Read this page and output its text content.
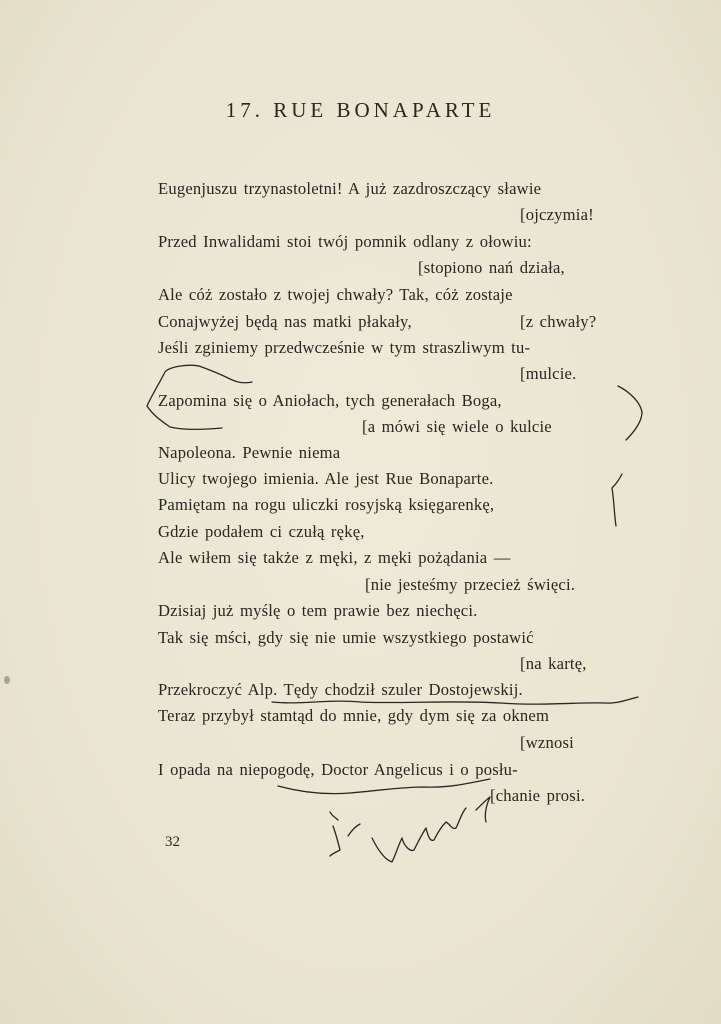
17. RUE BONAPARTE
Eugenjuszu trzynastoletni! A już zazdroszczący sławie
[ojczymia!
Przed Inwalidami stoi twój pomnik odlany z ołowiu:
[stopiono nań działa,
Ale cóż zostało z twojej chwały? Tak, cóż zostaje
Conajwyżej będą nas matki płakały,	[z chwały?
Jeśli zginiemy przedwcześnie w tym straszliwym tu-
[mulcie.
Zapomina się o Aniołach, tych generałach Boga,
[a mówi się wiele o kulcie
Napoleona. Pewnie niema
Ulicy twojego imienia. Ale jest Rue Bonaparte.
Pamiętam na rogu uliczki rosyjską księgarenkę,
Gdzie podałem ci czułą rękę,
Ale wiłem się także z męki, z męki pożądania —
[nie jesteśmy przecież święci.
Dzisiaj już myślę o tem prawie bez niechęci.
Tak się mści, gdy się nie umie wszystkiego postawić
[na kartę,
Przekroczyć Alp. Tędy chodził szuler Dostojewskij.
Teraz przybył stamtąd do mnie, gdy dym się za oknem
[wznosi
I opada na niepogodę, Doctor Angelicus i o posłu-
[chanie prosi.
32
